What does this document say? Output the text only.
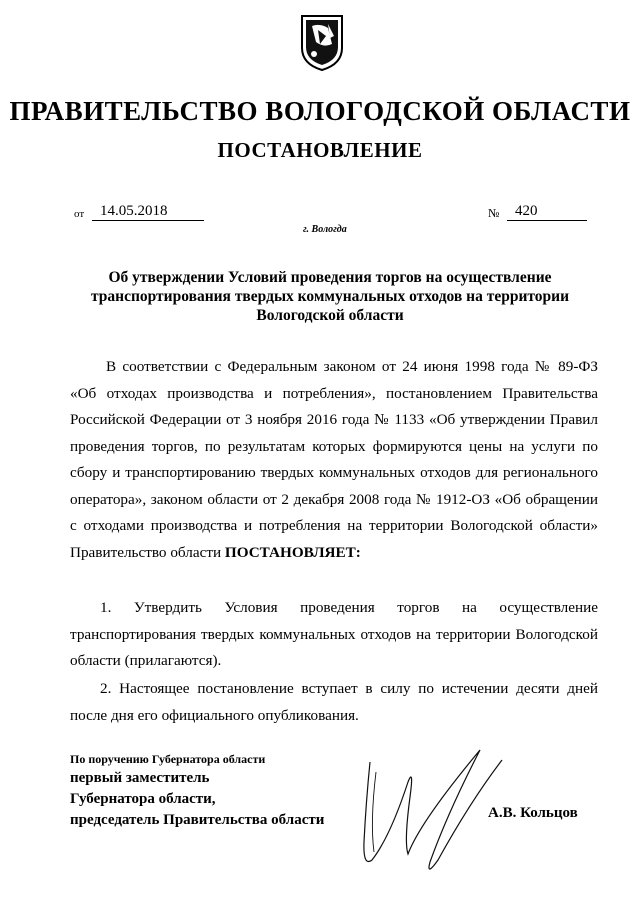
ПРАВИТЕЛЬСТВО ВОЛОГОДСКОЙ ОБЛАСТИ
ПОСТАНОВЛЕНИЕ
от	14.05.2018	№	420
г. Вологда
Об утверждении Условий проведения торгов на осуществление транспортирования твердых коммунальных отходов на территории Вологодской области
В соответствии с Федеральным законом от 24 июня 1998 года № 89-ФЗ «Об отходах производства и потребления», постановлением Правительства Российской Федерации от 3 ноября 2016 года № 1133 «Об утверждении Правил проведения торгов, по результатам которых формируются цены на услуги по сбору и транспортированию твердых коммунальных отходов для регионального оператора», законом области от 2 декабря 2008 года № 1912-ОЗ «Об обращении с отходами производства и потребления на территории Вологодской области» Правительство области ПОСТАНОВЛЯЕТ:
1. Утвердить Условия проведения торгов на осуществление транспортирования твердых коммунальных отходов на территории Вологодской области (прилагаются).
2. Настоящее постановление вступает в силу по истечении десяти дней после дня его официального опубликования.
По поручению Губернатора области
первый заместитель
Губернатора области,
председатель Правительства области	А.В. Кольцов
